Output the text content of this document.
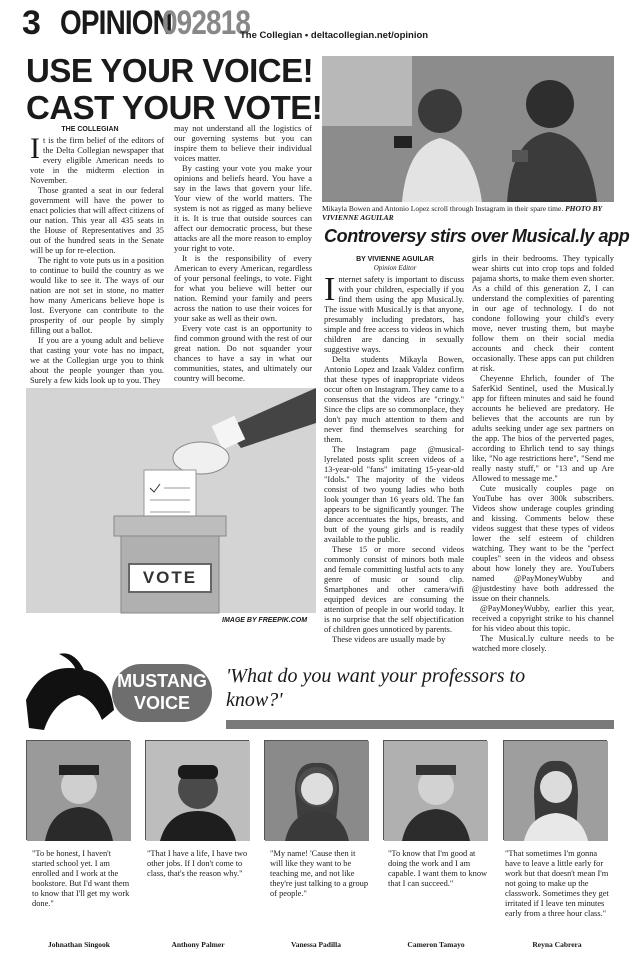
3 OPINION
092818
The Collegian • deltacollegian.net/opinion
USE YOUR VOICE!
CAST YOUR VOTE!
THE COLLEGIAN
I t is the firm belief of the editors of the Delta Collegian newspaper that every eligible American needs to vote in the midterm election in November.

Those granted a seat in our federal government will have the power to enact policies that will affect citizens of our nation. This year all 435 seats in the House of Representatives and 35 out of the hundred seats in the Senate will be up for re-election.

The right to vote puts us in a position to continue to build the country as we would like to see it. The ways of our nation are not set in stone, no matter how many Americans believe hope is lost. Everyone can contribute to the prosperity of our people by simply filling out a ballot.

If you are a young adult and believe that casting your vote has no impact, we at the Collegian urge you to think about the people younger than you. Surely a few kids look up to you. They

may not understand all the logistics of our governing systems but you can inspire them to believe their individual voices matter.

By casting your vote you make your opinions and beliefs heard. You have a say in the laws that govern your life. Your view of the world matters. The system is not as rigged as many believe it is. It is true that outside sources can affect our democratic process, but these attacks are all the more reason to employ your right to vote.

It is the responsibility of every American to every American, regardless of your personal feelings, to vote. Fight for what you believe will better our nation. Remind your family and peers across the nation to use their voices for your sake as well as their own.

Every vote cast is an opportunity to find common ground with the rest of our great nation. Do not squander your chances to have a say in what our communities, states, and ultimately our country will become.

VOTE
IMAGE BY FREEPIK.COM
Mikayla Bowen and Antonio Lopez scroll through Instagram in their spare time. PHOTO BY VIVIENNE AGUILAR
Controversy stirs over Musical.ly app
BY VIVIENNE AGUILAR
Opinion Editor
I nternet safety is important to discuss with your children, especially if you find them using the app Musical.ly. The issue with Musical.ly is that anyone, presumably including predators, has simple and free access to videos in which children are dancing in sexually suggestive ways.

Delta students Mikayla Bowen, Antonio Lopez and Izaak Valdez confirm that these types of inappropriate videos occur often on Instagram. They came to a consensus that the videos are "cringy." Since the clips are so commonplace, they don't pay much attention to them and never find themselves searching for them.

The Instagram page @musical-lyrelated posts split screen videos of a 13-year-old "fans" imitating 15-year-old "Idols." The majority of the videos consist of two young ladies who both look younger than 16 years old. The fan appears to be significantly younger. The dance accentuates the hips, breasts, and butt of the young girls and is readily available to the public.

These 15 or more second videos commonly consist of minors both male and female committing lustful acts to any genre of music or sound clip. Smartphones and other camera/wifi equipped devices are consuming the attention of people in our world today. It is no surprise that the self objectification of children goes unnoticed by parents.

These videos are usually made by

girls in their bedrooms. They typically wear shirts cut into crop tops and folded pajama shorts, to make them even shorter. As a child of this generation Z, I can understand the complexities of parenting in our age of technology. I do not condone following your child's every move, never trusting them, but maybe follow them on their social media accounts and check their content occasionally. These apps can put children at risk.

Cheyenne Ehrlich, founder of The SaferKid Sentinel, used the Musical.ly app for fifteen minutes and said he found accounts he believed are predatory. He believes that the accounts are run by adults seeking under age sex partners on the app. The bios of the perverted pages, according to Ehrlich tend to say things like, "No age restrictions here", "Send me really nasty stuff," or "13 and up Are Allowed to message me."

Cute musically couples page on YouTube has over 300k subscribers. Videos show underage couples grinding and kissing. Comments below these videos suggest that these types of videos lower the self esteem of children watching. They want to be the "perfect couples" seen in the videos and obsess about how lonely they are. YouTubers named @PayMoneyWubby and @justdestiny have both addressed the issue on their channels.

@PayMoneyWubby, earlier this year, received a copyright strike to his channel for his video about this topic.

The Musical.ly culture needs to be watched more closely.

MUSTANG
VOICE
'What do you want your professors to know?'
"To be honest, I haven't started school yet. I am enrolled and I work at the bookstore. But I'd want them to know that I'll get my work done."
"That I have a life, I have two other jobs. If I don't come to class, that's the reason why."
"My name! 'Cause then it will like they want to be teaching me, and not like they're just talking to a group of people."
"To know that I'm good at doing the work and I am capable. I want them to know that I can succeed."
"That sometimes I'm gonna have to leave a little early for work but that doesn't mean I'm not going to make up the classwork. Sometimes they get irritated if I leave ten minutes early from a three hour class."
Johnathan Singook	Anthony Palmer	Vanessa Padilla	Cameron Tamayo	Reyna Cabrera
